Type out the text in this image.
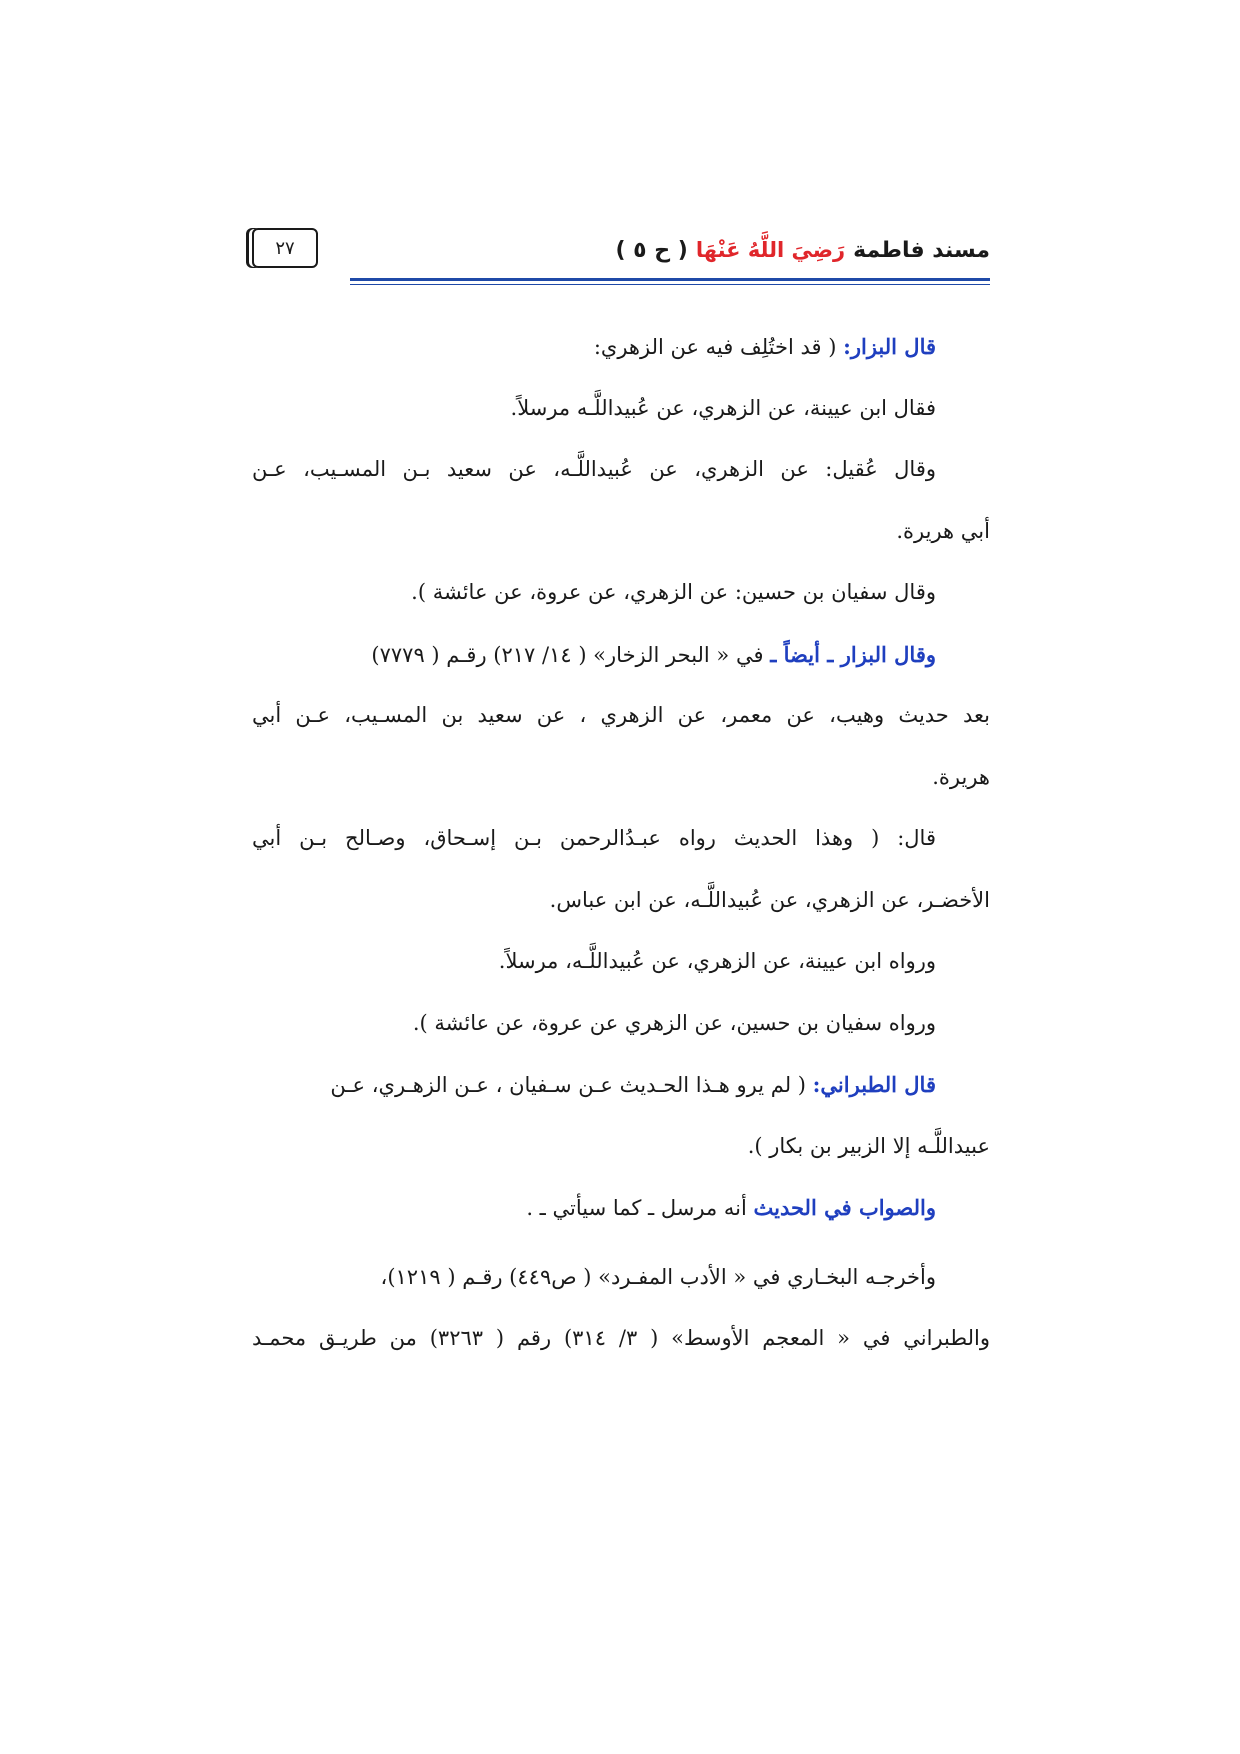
مسند فاطمة
رَضِيَ اللَّهُ عَنْهَا
( ح ٥ )
٢٧
قال البزار: ( قد اختُلِف فيه عن الزهري:
فقال ابن عيينة، عن الزهري، عن عُبيداللَّـه مرسلاً.
وقال عُقيل: عن الزهري، عن عُبيداللَّـه، عن سعيد بـن المسـيب، عـن
أبي هريرة.
وقال سفيان بن حسين: عن الزهري، عن عروة، عن عائشة ).
وقال البزار ـ أيضاً ـ في « البحر الزخار» ( ١٤/ ٢١٧) رقـم ( ٧٧٧٩)
بعد حديث وهيب، عن معمر، عن الزهري ، عن سعيد بن المسـيب، عـن أبي
هريرة.
قال: ( وهذا الحديث رواه عبـدُالرحمن بـن إسـحاق، وصـالح بـن أبي
الأخضـر، عن الزهري، عن عُبيداللَّـه، عن ابن عباس.
ورواه ابن عيينة، عن الزهري، عن عُبيداللَّـه، مرسلاً.
ورواه سفيان بن حسين، عن الزهري عن عروة، عن عائشة ).
قال الطبراني: ( لم يرو هـذا الحـديث عـن سـفيان ، عـن الزهـري، عـن
عبيداللَّـه إلا الزبير بن بكار ).
والصواب في الحديث أنه مرسل ـ كما سيأتي ـ .
وأخرجـه البخـاري في « الأدب المفـرد» ( ص٤٤٩) رقـم ( ١٢١٩)،
والطبراني في « المعجم الأوسط» ( ٣/ ٣١٤) رقم ( ٣٢٦٣) من طريـق محمـد
